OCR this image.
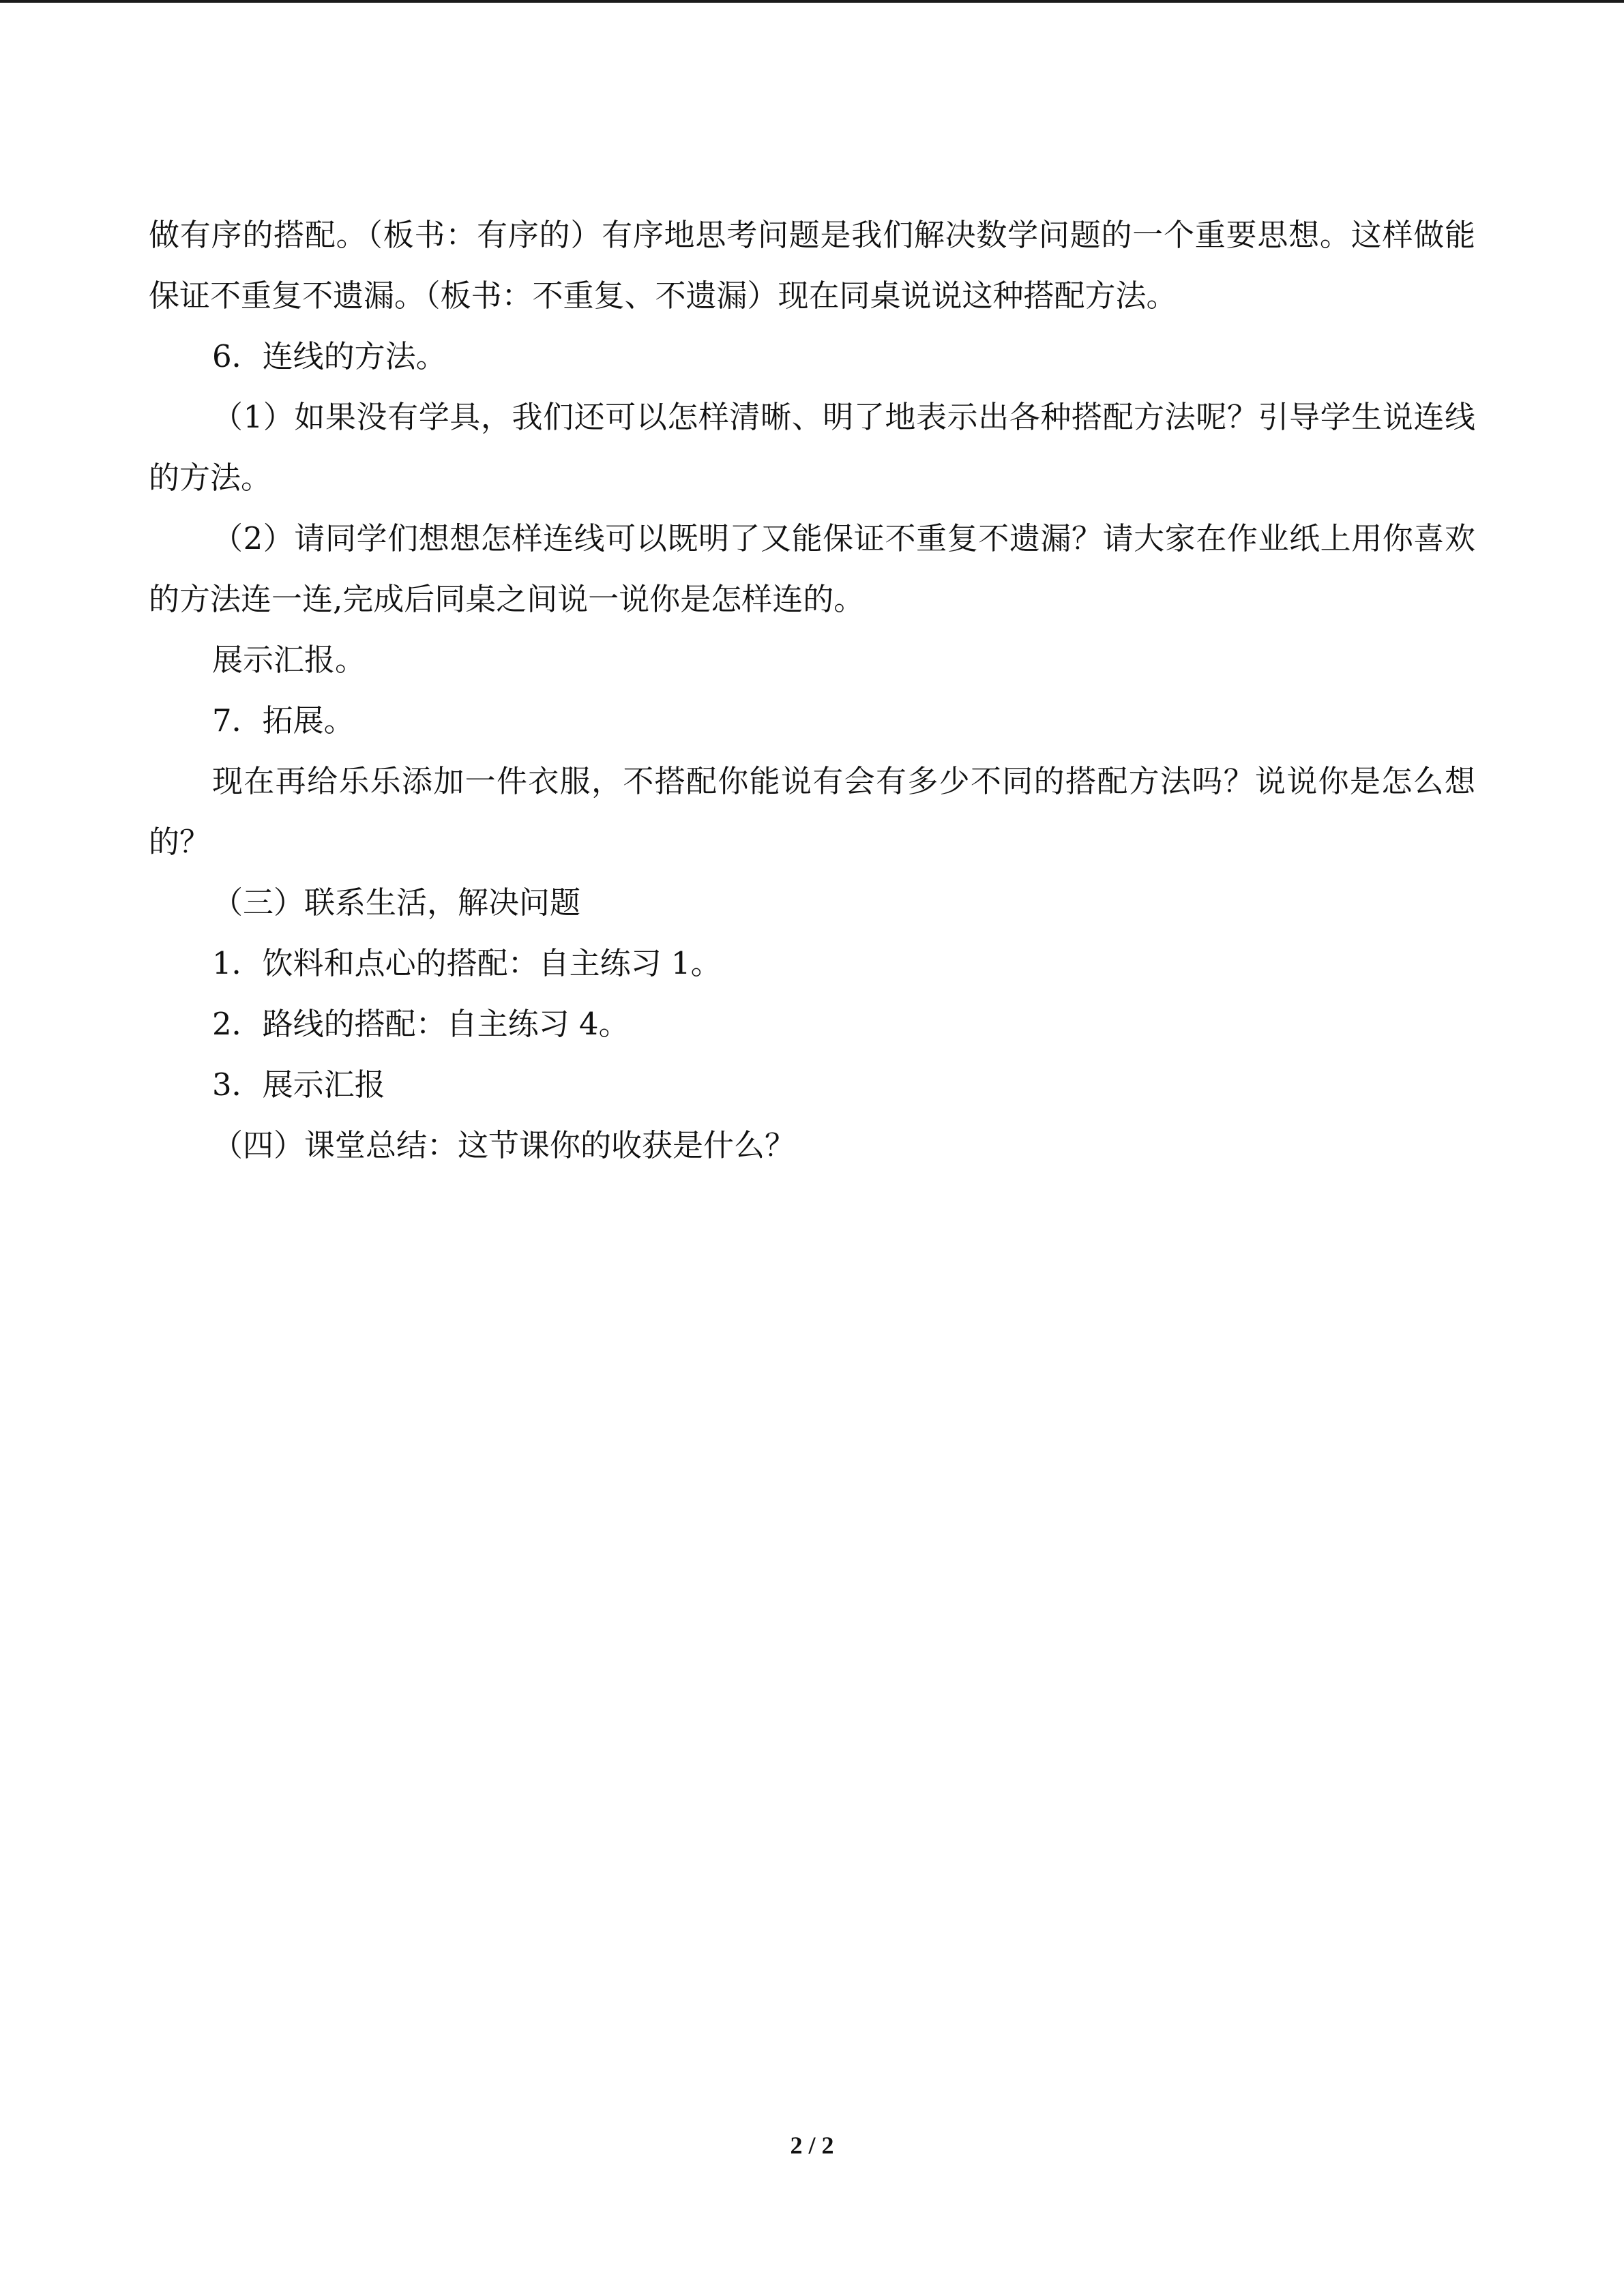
做有序的搭配。（板书：有序的）有序地思考问题是我们解决数学问题的一个重要思想。这样做能保证不重复不遗漏。（板书：不重复、不遗漏）现在同桌说说这种搭配方法。

6．连线的方法。

（1）如果没有学具，我们还可以怎样清晰、明了地表示出各种搭配方法呢？引导学生说连线的方法。

（2）请同学们想想怎样连线可以既明了又能保证不重复不遗漏？请大家在作业纸上用你喜欢的方法连一连,完成后同桌之间说一说你是怎样连的。

展示汇报。

7．拓展。

现在再给乐乐添加一件衣服，不搭配你能说有会有多少不同的搭配方法吗？说说你是怎么想的？

（三）联系生活，解决问题

1．饮料和点心的搭配：自主练习 1。

2．路线的搭配：自主练习 4。

3．展示汇报

（四）课堂总结：这节课你的收获是什么？

2 / 2
